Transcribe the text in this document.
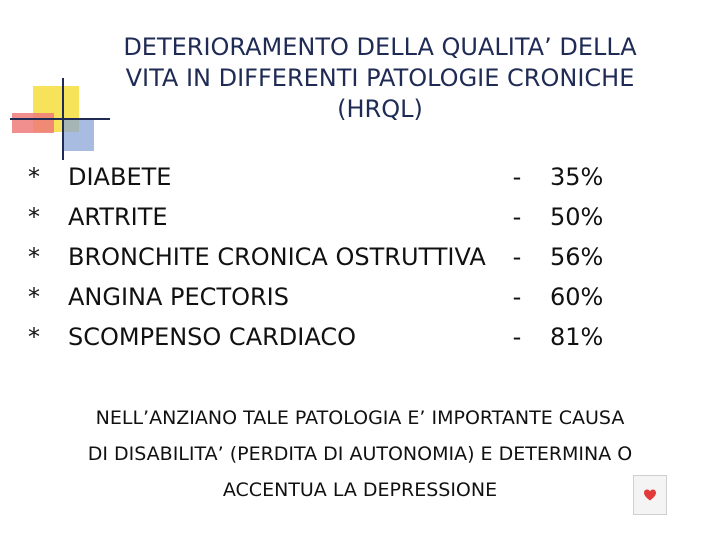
DETERIORAMENTO DELLA QUALITA’ DELLA
VITA IN DIFFERENTI PATOLOGIE CRONICHE
(HRQL)
* DIABETE	- 35%
* ARTRITE	- 50%
* BRONCHITE CRONICA OSTRUTTIVA - 56%
* ANGINA PECTORIS	- 60%
* SCOMPENSO CARDIACO	- 81%
NELL’ANZIANO TALE PATOLOGIA E’ IMPORTANTE CAUSA
DI DISABILITA’ (PERDITA DI AUTONOMIA) E DETERMINA O
ACCENTUA LA DEPRESSIONE
